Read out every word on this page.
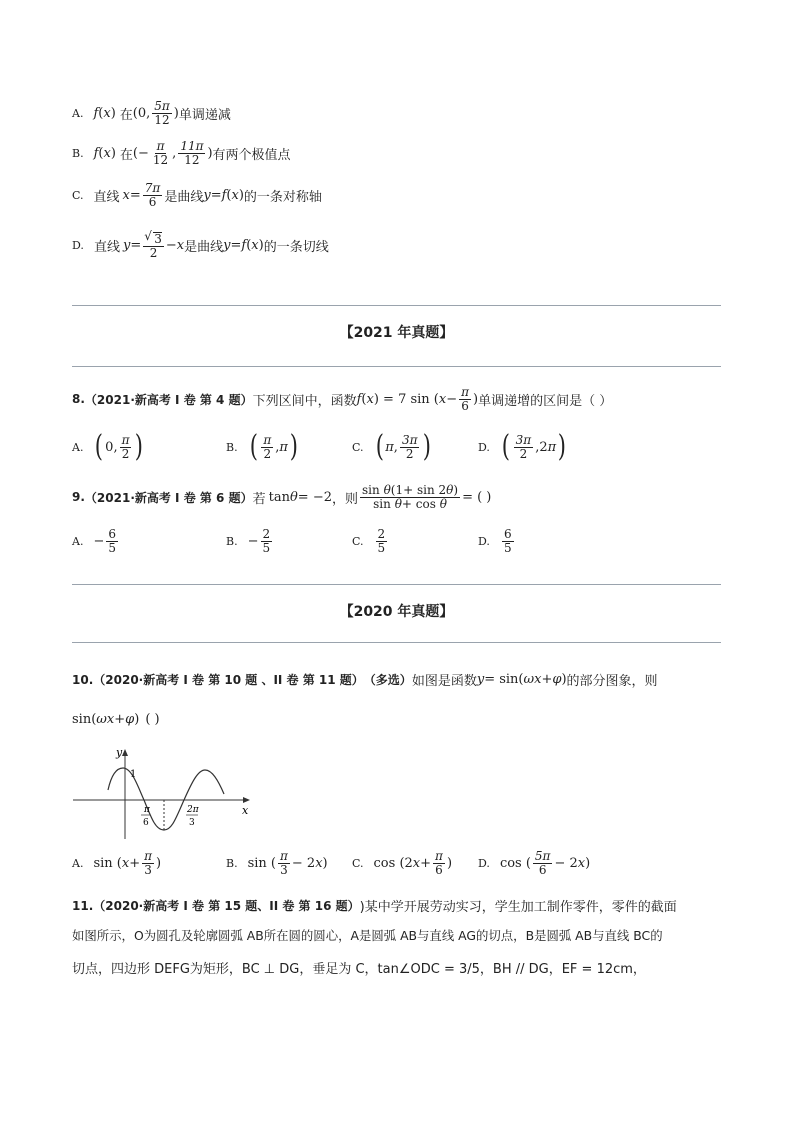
A. f ( x ) 在 (0, $\frac{5\pi}{12}$ ) 单调递减
B. f ( x ) 在 (− $\frac{\pi}{12}$ , $\frac{11\pi}{12}$ ) 有两个极值点
C. 直线 $x = \frac{7\pi}{6}$ 是曲线 y = f ( x ) 的一条对称轴
D. 直线 y = √ $\frac{3}{2} - x$ 是曲线 y = f ( x ) 的一条切线
【2021 年真题】
8. （2021·新高考 I 卷 第 4 题） 下列区间中，函数 f ( x ) = 7 sin ( $x - \frac{\pi}{6}$ ) 单调递增的区间是（ ）
A. ( 0, $\frac{\pi}{2}$ )	B. ( $\frac{\pi}{2}$ , π )	C. ( π , $\frac{3\pi}{2}$ )	D. ( $\frac{3\pi}{2} ,2$ π )
9. （2021·新高考 I 卷 第 6 题） 若 tan θ = −2 ，则 $\frac{\text{sin θ(1+ sin 2θ)}}{\text{sin θ+ cos θ}}$ = ( )
A. − $\frac{6}{5}$	B. − $\frac{2}{5}$	C. $\frac{2}{5}$	D. $\frac{6}{5}$
【2020 年真题】
10. （2020·新高考 I 卷 第 10 题 、II 卷 第 11 题） （多选） 如图是函数 y = sin( ωx + φ ) 的部分图象，则
sin( ωx + φ ) ( )
y
x
1
π
6
2π
3
A. sin ( $x + \frac{\pi}{3}$ )	B. sin ( $\frac{\pi}{3} - 2$ x ) C. cos (2 $x + \frac{\pi}{6}$ ) D. cos ( $\frac{5\pi}{6} - 2$ x )
11. （2020·新高考 I 卷 第 15 题、II 卷 第 16 题） )某中学开展劳动实习，学生加工制作零件，零件的截面
如图所示，O为圆孔及轮廓圆弧 AB所在圆的圆心，A是圆弧 AB与直线 AG的切点，B是圆弧 AB与直线 BC的
切点，四边形 DEFG为矩形，BC ⊥ DG，垂足为 C，tan∠ODC = 3/5，BH // DG，EF = 12cm，
